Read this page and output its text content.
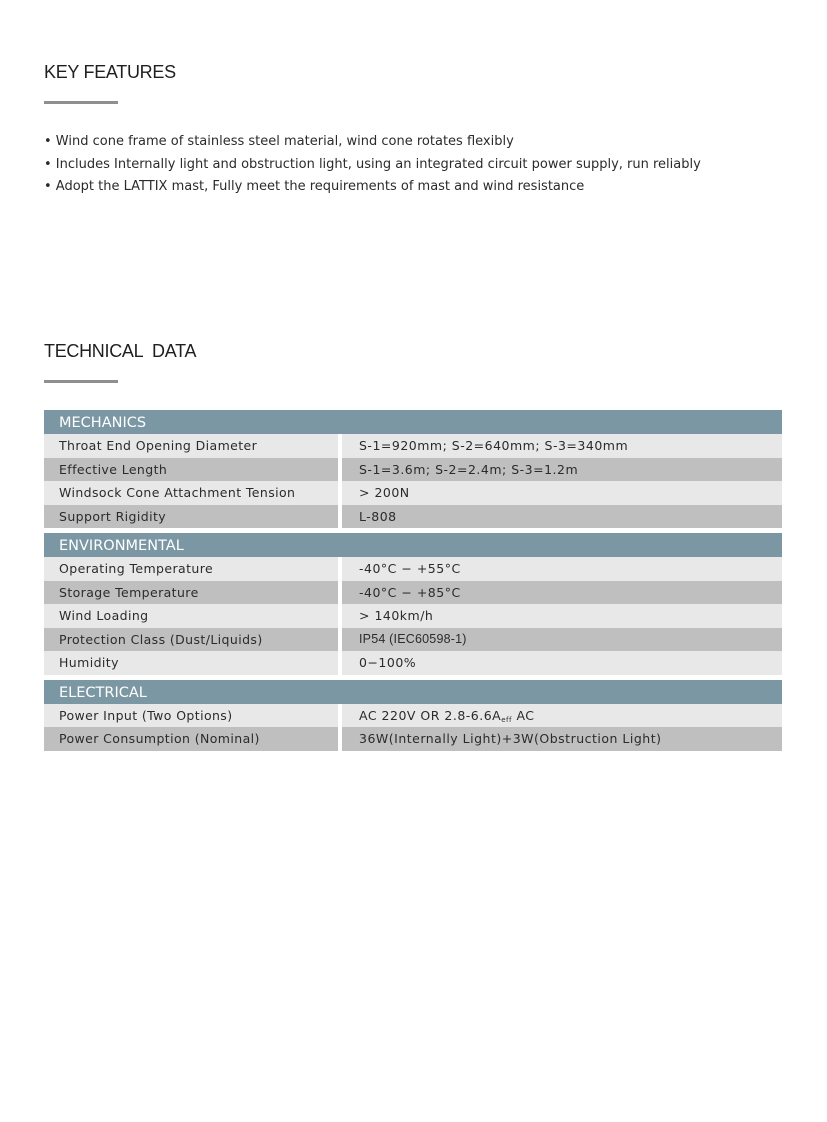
KEY FEATURES
• Wind cone frame of stainless steel material, wind cone rotates flexibly
• Includes Internally light and obstruction light, using an integrated circuit power supply, run reliably
• Adopt the LATTIX mast, Fully meet the requirements of mast and wind resistance
TECHNICAL  DATA
MECHANICS
Throat End Opening Diameter	S-1=920mm; S-2=640mm; S-3=340mm
Effective Length	S-1=3.6m; S-2=2.4m; S-3=1.2m
Windsock Cone Attachment Tension	> 200N
Support Rigidity	L-808
ENVIRONMENTAL
Operating Temperature	-40°C − +55°C
Storage Temperature	-40°C − +85°C
Wind Loading	> 140km/h
Protection Class (Dust/Liquids)	IP54 (IEC60598-1)
Humidity	0−100%
ELECTRICAL
Power Input (Two Options)	AC 220V OR $2.8-6.6A_{eff}$ AC
Power Consumption (Nominal)	36W(Internally Light)+3W(Obstruction Light)
